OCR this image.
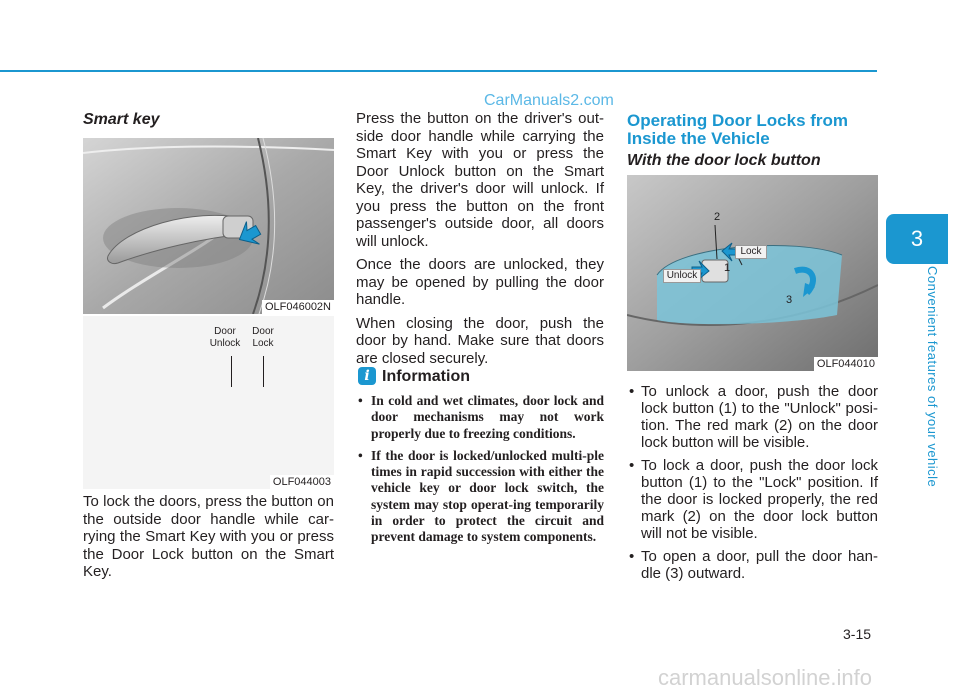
CarManuals2.com
Smart key
OLF046002N
Door
Unlock
Door
Lock
OLF044003

To lock the doors, press the button on the outside door handle while car-rying the Smart Key with you or press the Door Lock button on the Smart Key.

Press the button on the driver's out-side door handle while carrying the Smart Key with you or press the Door Unlock button on the Smart Key, the driver's door will unlock. If you press the button on the front passenger's outside door, all doors will unlock.

Once the doors are unlocked, they may be opened by pulling the door handle.

When closing the door, push the door by hand. Make sure that doors are closed securely.

i Information
• In cold and wet climates, door lock and door mechanisms may not work properly due to freezing conditions.
• If the door is locked/unlocked multi-ple times in rapid succession with either the vehicle key or door lock switch, the system may stop operat-ing temporarily in order to protect the circuit and prevent damage to system components.
Operating Door Locks from Inside the Vehicle
With the door lock button
2
Lock
Unlock
1
3
OLF044010
• To unlock a door, push the door lock button (1) to the "Unlock" posi-tion. The red mark (2) on the door lock button will be visible.
• To lock a door, push the door lock button (1) to the "Lock" position. If the door is locked properly, the red mark (2) on the door lock button will not be visible.
• To open a door, pull the door han-dle (3) outward.
3
Convenient features of your vehicle
3-15
carmanualsonline.info
